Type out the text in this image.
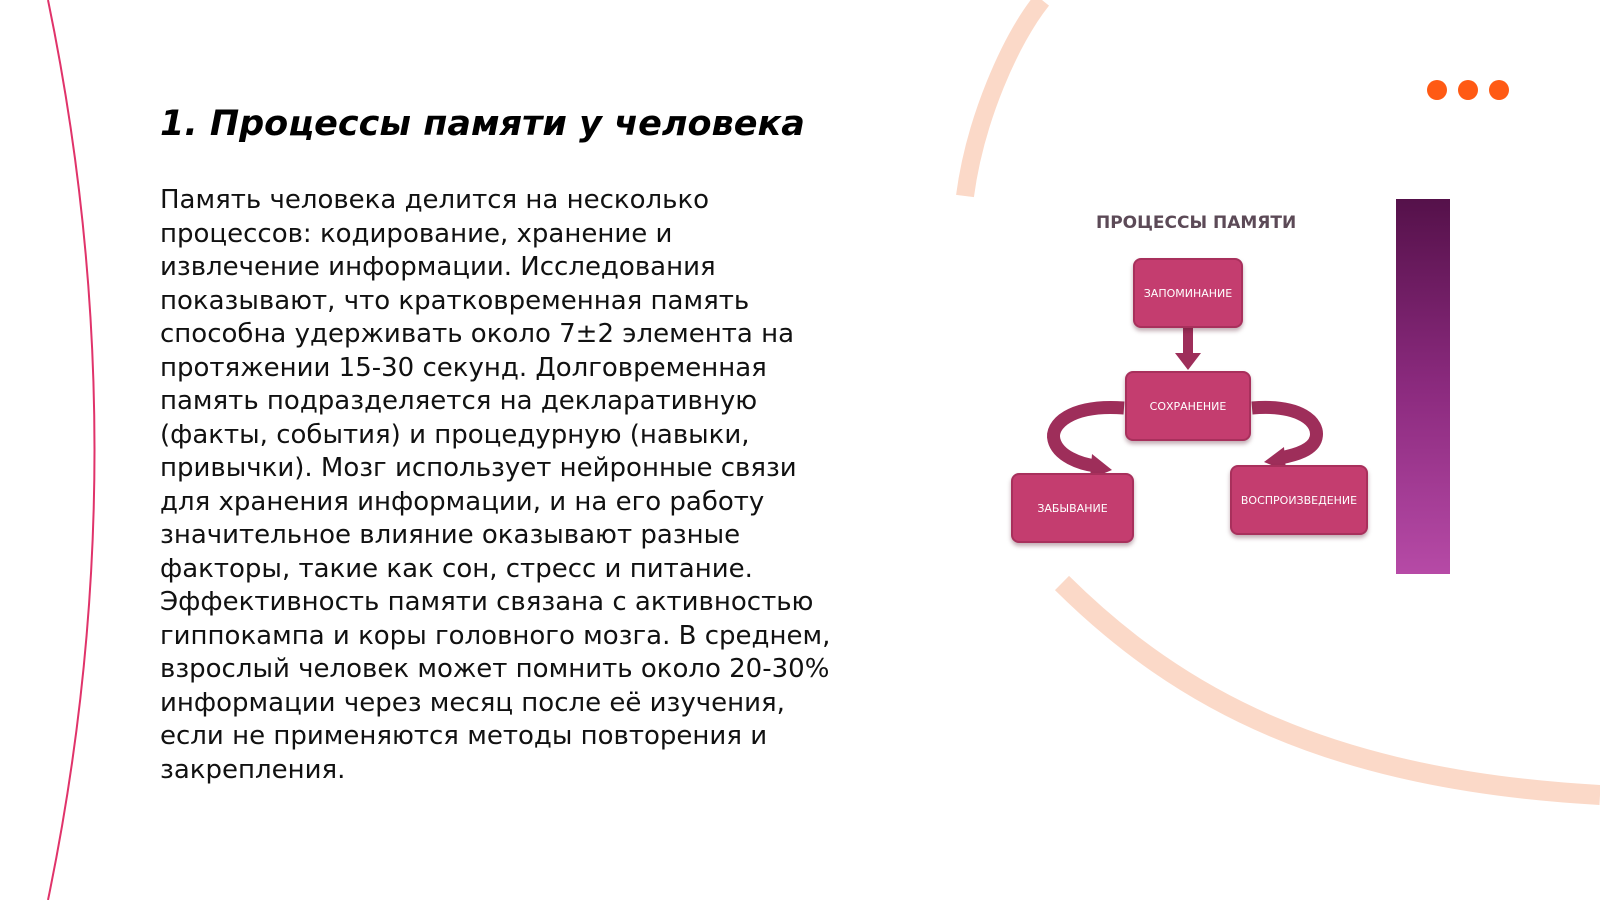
1. Процессы памяти у человека

Память человека делится на несколько процессов: кодирование, хранение и извлечение информации. Исследования показывают, что кратковременная память способна удерживать около 7±2 элемента на протяжении 15-30 секунд. Долговременная память подразделяется на декларативную (факты, события) и процедурную (навыки, привычки). Мозг использует нейронные связи для хранения информации, и на его работу значительное влияние оказывают разные факторы, такие как сон, стресс и питание. Эффективность памяти связана с активностью гиппокампа и коры головного мозга. В среднем, взрослый человек может помнить около 20-30% информации через месяц после её изучения, если не применяются методы повторения и закрепления.

ПРОЦЕССЫ ПАМЯТИ
ЗАПОМИНАНИЕ
СОХРАНЕНИЕ
ЗАБЫВАНИЕ
ВОСПРОИЗВЕДЕНИЕ
